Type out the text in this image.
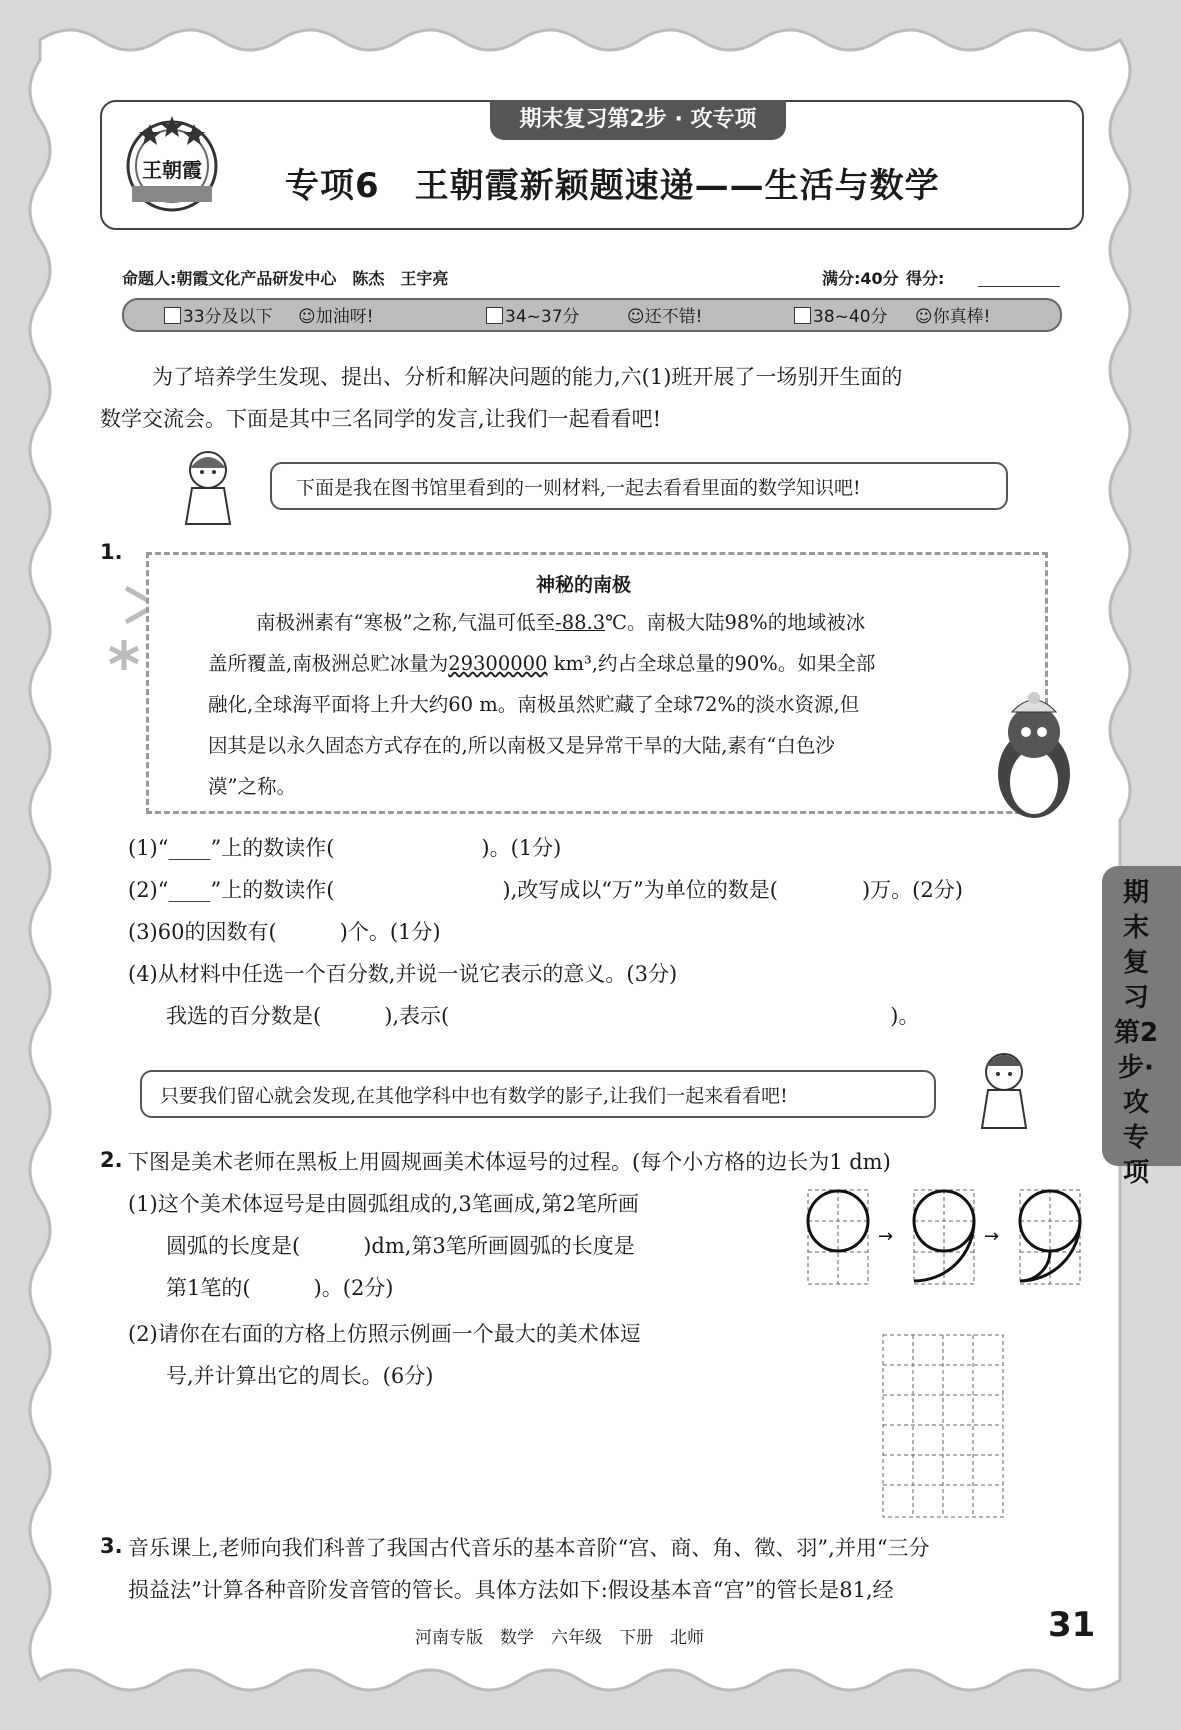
王朝霞
期末复习第2步 · 攻专项
专项6　王朝霞新颖题速递——生活与数学
命题人:朝霞文化产品研发中心　陈杰　王宇亮	满分:40分 得分:
33分及以下 ☺加油呀!	34~37分	☺还不错!	38~40分 ☺你真棒!
为了培养学生发现、提出、分析和解决问题的能力,六(1)班开展了一场别开生面的
数学交流会。下面是其中三名同学的发言,让我们一起看看吧!
下面是我在图书馆里看到的一则材料,一起去看看里面的数学知识吧!
1.
神秘的南极
南极洲素有“寒极”之称,气温可低至-88.3℃。南极大陆98%的地域被冰
盖所覆盖,南极洲总贮冰量为29300000 km³,约占全球总量的90%。如果全部
融化,全球海平面将上升大约60 m。南极虽然贮藏了全球72%的淡水资源,但
因其是以永久固态方式存在的,所以南极又是异常干旱的大陆,素有“白色沙
漠”之称。
(1)“____”上的数读作(　　　　　　　)。(1分)
(2)“____”上的数读作(　　　　　　　　),改写成以“万”为单位的数是(　　　　)万。(2分)
(3)60的因数有(　　　)个。(1分)
(4)从材料中任选一个百分数,并说一说它表示的意义。(3分)
我选的百分数是(　　　),表示(　　　　　　　　　　　　　　　　　　　　　)。
只要我们留心就会发现,在其他学科中也有数学的影子,让我们一起来看看吧!
2. 下图是美术老师在黑板上用圆规画美术体逗号的过程。(每个小方格的边长为1 dm)
(1)这个美术体逗号是由圆弧组成的,3笔画成,第2笔所画
圆弧的长度是(　　　)dm,第3笔所画圆弧的长度是
第1笔的(　　　)。(2分)
(2)请你在右面的方格上仿照示例画一个最大的美术体逗
号,并计算出它的周长。(6分)
→	→
3. 音乐课上,老师向我们科普了我国古代音乐的基本音阶“宫、商、角、徵、羽”,并用“三分
损益法”计算各种音阶发音管的管长。具体方法如下:假设基本音“宫”的管长是81,经
期末复习第2步·攻专项
河南专版　数学　六年级　下册　北师	31
